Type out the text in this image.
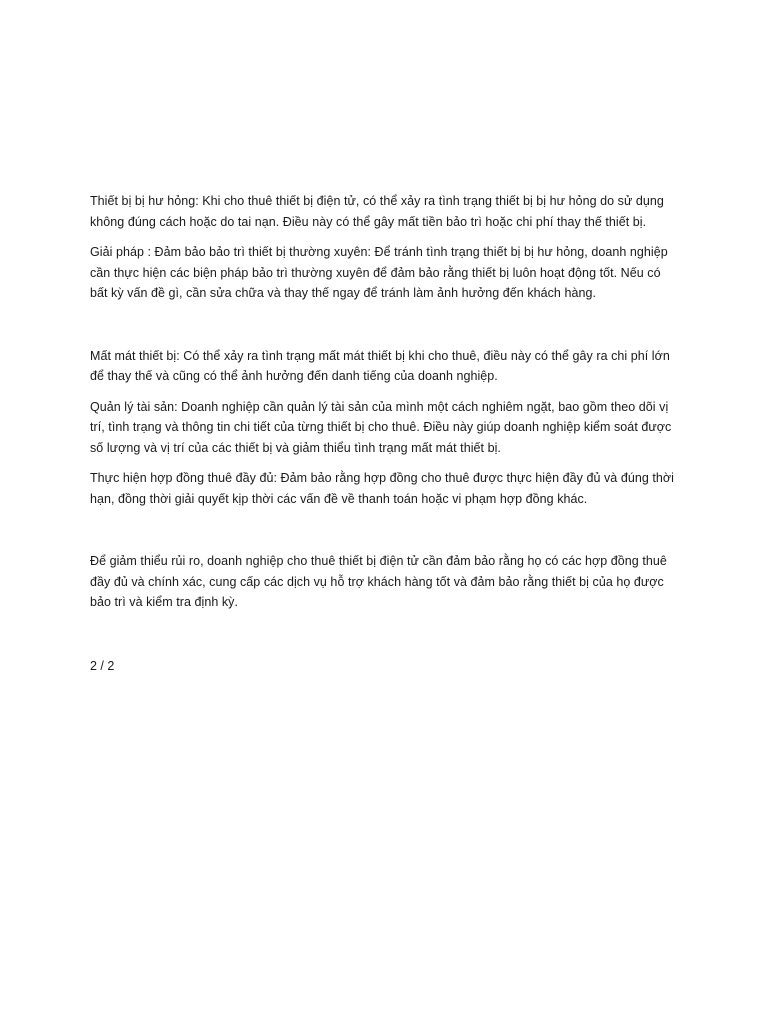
Thiết bị bị hư hỏng: Khi cho thuê thiết bị điện tử, có thể xảy ra tình trạng thiết bị bị hư hỏng do sử dụng không đúng cách hoặc do tai nạn. Điều này có thể gây mất tiền bảo trì hoặc chi phí thay thế thiết bị.

Giải pháp : Đảm bảo bảo trì thiết bị thường xuyên: Để tránh tình trạng thiết bị bị hư hỏng, doanh nghiệp cần thực hiện các biện pháp bảo trì thường xuyên để đảm bảo rằng thiết bị luôn hoạt động tốt. Nếu có bất kỳ vấn đề gì, cần sửa chữa và thay thế ngay để tránh làm ảnh hưởng đến khách hàng.

Mất mát thiết bị: Có thể xảy ra tình trạng mất mát thiết bị khi cho thuê, điều này có thể gây ra chi phí lớn để thay thế và cũng có thể ảnh hưởng đến danh tiếng của doanh nghiệp.

Quản lý tài sản: Doanh nghiệp cần quản lý tài sản của mình một cách nghiêm ngặt, bao gồm theo dõi vị trí, tình trạng và thông tin chi tiết của từng thiết bị cho thuê. Điều này giúp doanh nghiệp kiểm soát được số lượng và vị trí của các thiết bị và giảm thiểu tình trạng mất mát thiết bị.

Thực hiện hợp đồng thuê đầy đủ: Đảm bảo rằng hợp đồng cho thuê được thực hiện đầy đủ và đúng thời hạn, đồng thời giải quyết kịp thời các vấn đề về thanh toán hoặc vi phạm hợp đồng khác.

Để giảm thiểu rủi ro, doanh nghiệp cho thuê thiết bị điện tử cần đảm bảo rằng họ có các hợp đồng thuê đầy đủ và chính xác, cung cấp các dịch vụ hỗ trợ khách hàng tốt và đảm bảo rằng thiết bị của họ được bảo trì và kiểm tra định kỳ.

2 / 2
